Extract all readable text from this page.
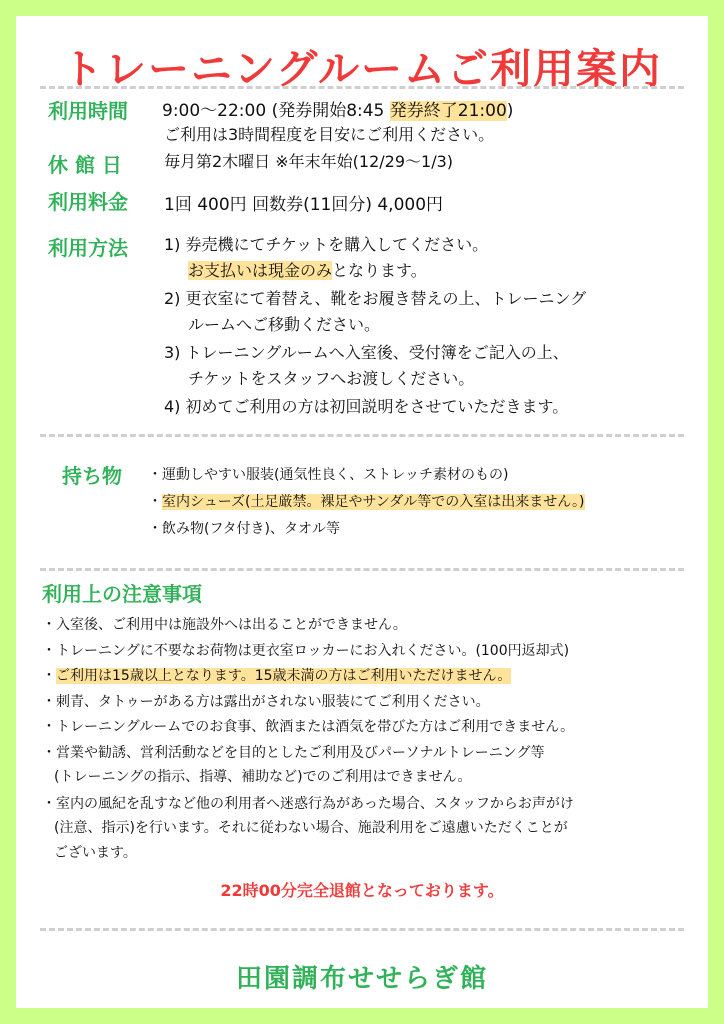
トレーニングルームご利用案内
利用時間 9:00〜22:00 (発券開始8:45 発券終了21:00)
ご利用は3時間程度を目安にご利用ください。
休 館 日	毎月第2木曜日 ※年末年始(12/29〜1/3)
利用料金 1回 400円 回数券(11回分) 4,000円
利用方法 1) 券売機にてチケットを購入してください。
お支払いは現金のみとなります。
2) 更衣室にて着替え、靴をお履き替えの上、トレーニング
ルームへご移動ください。
3) トレーニングルームへ入室後、受付簿をご記入の上、
チケットをスタッフへお渡しください。
4) 初めてご利用の方は初回説明をさせていただきます。
持ち物 ・運動しやすい服装(通気性良く、ストレッチ素材のもの)
・室内シューズ(土足厳禁。裸足やサンダル等での入室は出来ません。)
・飲み物(フタ付き)、タオル等
利用上の注意事項
・入室後、ご利用中は施設外へは出ることができません。
・トレーニングに不要なお荷物は更衣室ロッカーにお入れください。(100円返却式)
・ご利用は15歳以上となります。15歳未満の方はご利用いただけません。
・刺青、タトゥーがある方は露出がされない服装にてご利用ください。
・トレーニングルームでのお食事、飲酒または酒気を帯びた方はご利用できません。
・営業や勧誘、営利活動などを目的としたご利用及びパーソナルトレーニング等
(トレーニングの指示、指導、補助など)でのご利用はできません。
・室内の風紀を乱すなど他の利用者へ迷惑行為があった場合、スタッフからお声がけ
(注意、指示)を行います。それに従わない場合、施設利用をご遠慮いただくことが
ございます。
22時00分完全退館となっております。
田園調布せせらぎ館
